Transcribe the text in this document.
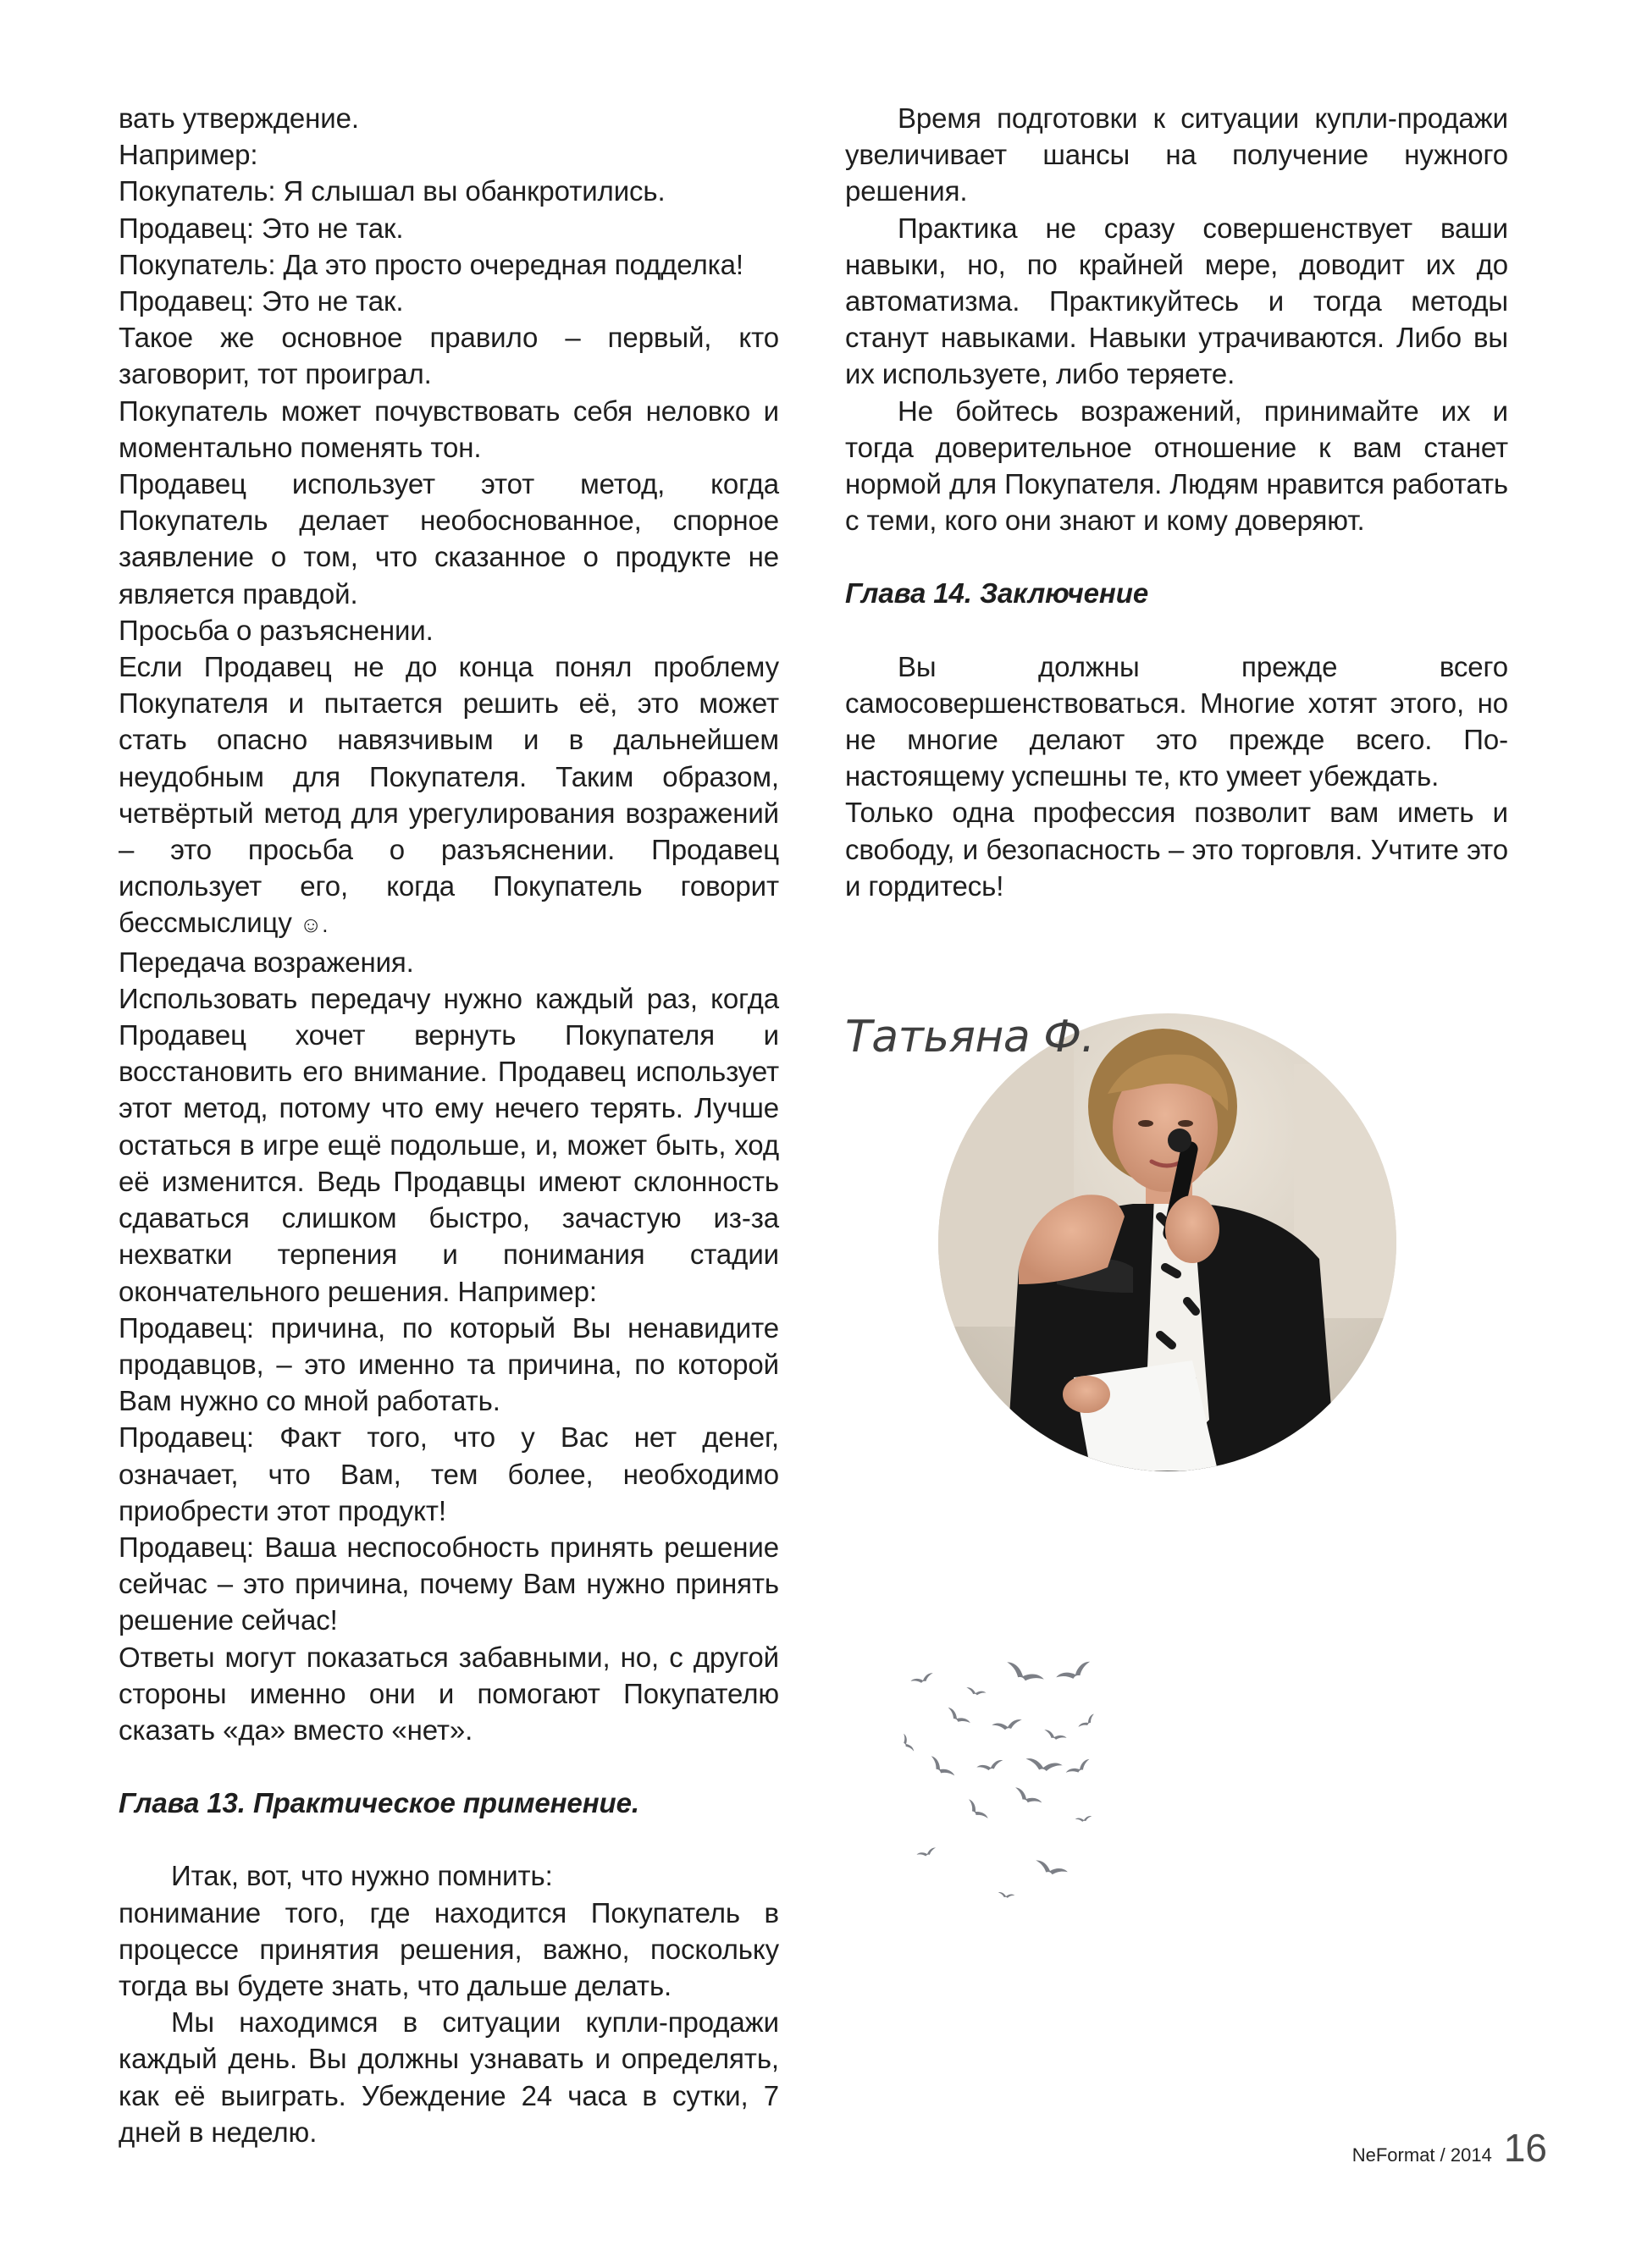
вать утверждение.

Например:

Покупатель: Я слышал вы обанкротились.

Продавец: Это не так.

Покупатель: Да это просто очередная подделка!

Продавец: Это не так.

Такое же основное правило – первый, кто заговорит, тот проиграл.

Покупатель может почувствовать себя неловко и моментально поменять тон.

Продавец использует этот метод, когда Покупатель делает необоснованное, спорное заявление о том, что сказанное о продукте не является правдой.

Просьба о разъяснении.

Если Продавец не до конца понял проблему Покупателя и пытается решить её, это может стать опасно навязчивым и в дальнейшем неудобным для Покупателя. Таким образом, четвёртый метод для урегулирования возражений – это просьба о разъяснении. Продавец использует его, когда Покупатель говорит бессмыслицу ☺.

Передача возражения.

Использовать передачу нужно каждый раз, когда Продавец хочет вернуть Покупателя и восстановить его внимание. Продавец использует этот метод, потому что ему нечего терять. Лучше остаться в игре ещё подольше, и, может быть, ход её изменится. Ведь Продавцы имеют склонность сдаваться слишком быстро, зачастую из-за нехватки терпения и понимания стадии окончательного решения. Например:

Продавец: причина, по который Вы ненавидите продавцов, – это именно та причина, по которой Вам нужно со мной работать.

Продавец: Факт того, что у Вас нет денег, означает, что Вам, тем более, необходимо приобрести этот продукт!

Продавец: Ваша неспособность принять решение сейчас – это причина, почему Вам нужно принять решение сейчас!

Ответы могут показаться забавными, но, с другой стороны именно они и помогают Покупателю сказать «да» вместо «нет».

Глава 13. Практическое применение.

Итак, вот, что нужно помнить:

понимание того, где находится Покупатель в процессе принятия решения, важно, поскольку тогда вы будете знать, что дальше делать.

Мы находимся в ситуации купли-продажи каждый день. Вы должны узнавать и определять, как её выиграть. Убеждение 24 часа в сутки, 7 дней в неделю.

Время подготовки к ситуации купли-продажи увеличивает шансы на получение нужного решения.

Практика не сразу совершенствует ваши навыки, но, по крайней мере, доводит их до автоматизма. Практикуйтесь и тогда методы станут навыками. Навыки утрачиваются. Либо вы их используете, либо теряете.

Не бойтесь возражений, принимайте их и тогда доверительное отношение к вам станет нормой для Покупателя. Людям нравится работать с теми, кого они знают и кому доверяют.

Глава 14. Заключение

Вы должны прежде всего самосовершенствоваться. Многие хотят этого, но не многие делают это прежде всего. По-настоящему успешны те, кто умеет убеждать.

Только одна профессия позволит вам иметь и свободу, и безопасность – это торговля. Учтите это и гордитесь!

Татьяна Ф.
NeFormat / 2014 16
